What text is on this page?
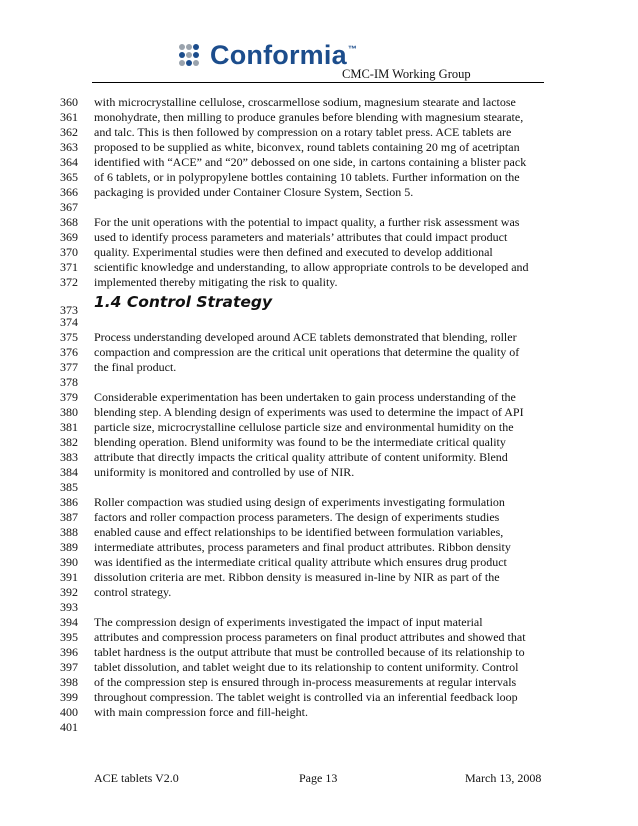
Conformia™
CMC-IM Working Group
360
361
362
363
364
365
366
367
368
369
370
371
372

with microcrystalline cellulose, croscarmellose sodium, magnesium stearate and lactose

monohydrate, then milling to produce granules before blending with magnesium stearate,

and talc. This is then followed by compression on a rotary tablet press. ACE tablets are

proposed to be supplied as white, biconvex, round tablets containing 20 mg of acetriptan

identified with “ACE” and “20” debossed on one side, in cartons containing a blister pack

of 6 tablets, or in polypropylene bottles containing 10 tablets. Further information on the

packaging is provided under Container Closure System, Section 5.

For the unit operations with the potential to impact quality, a further risk assessment was

used to identify process parameters and materials’ attributes that could impact product

quality. Experimental studies were then defined and executed to develop additional

scientific knowledge and understanding, to allow appropriate controls to be developed and

implemented thereby mitigating the risk to quality.

373 1.4 Control Strategy
374
375
376
377
378
379
380
381
382
383
384
385
386
387
388
389
390
391
392
393
394
395
396
397
398
399
400
401

Process understanding developed around ACE tablets demonstrated that blending, roller

compaction and compression are the critical unit operations that determine the quality of

the final product.

Considerable experimentation has been undertaken to gain process understanding of the

blending step. A blending design of experiments was used to determine the impact of API

particle size, microcrystalline cellulose particle size and environmental humidity on the

blending operation. Blend uniformity was found to be the intermediate critical quality

attribute that directly impacts the critical quality attribute of content uniformity. Blend

uniformity is monitored and controlled by use of NIR.

Roller compaction was studied using design of experiments investigating formulation

factors and roller compaction process parameters. The design of experiments studies

enabled cause and effect relationships to be identified between formulation variables,

intermediate attributes, process parameters and final product attributes. Ribbon density

was identified as the intermediate critical quality attribute which ensures drug product

dissolution criteria are met. Ribbon density is measured in-line by NIR as part of the

control strategy.

The compression design of experiments investigated the impact of input material

attributes and compression process parameters on final product attributes and showed that

tablet hardness is the output attribute that must be controlled because of its relationship to

tablet dissolution, and tablet weight due to its relationship to content uniformity. Control

of the compression step is ensured through in-process measurements at regular intervals

throughout compression. The tablet weight is controlled via an inferential feedback loop

with main compression force and fill-height.

ACE tablets V2.0	Page 13	March 13, 2008
